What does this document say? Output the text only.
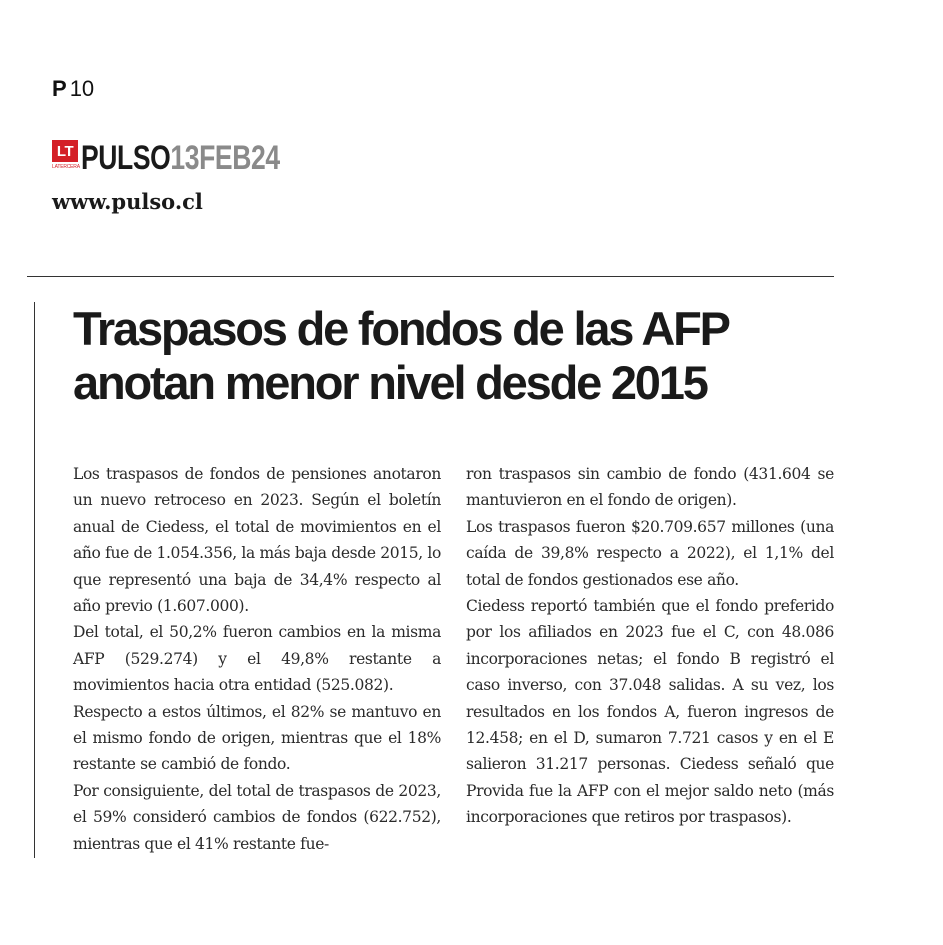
P 10
LT
LATERCERA PULSO 13FEB24
www.pulso.cl
Traspasos de fondos de las AFP anotan menor nivel desde 2015

Los traspasos de fondos de pensiones anotaron un nuevo retroceso en 2023. Según el boletín anual de Ciedess, el total de movimientos en el año fue de 1.054.356, la más baja desde 2015, lo que representó una baja de 34,4% respecto al año previo (1.607.000).

Del total, el 50,2% fueron cambios en la misma AFP (529.274) y el 49,8% restante a movimientos hacia otra entidad (525.082).

Respecto a estos últimos, el 82% se mantuvo en el mismo fondo de origen, mientras que el 18% restante se cambió de fondo.

Por consiguiente, del total de traspasos de 2023, el 59% consideró cambios de fondos (622.752), mientras que el 41% restante fue-

ron traspasos sin cambio de fondo (431.604 se mantuvieron en el fondo de origen).

Los traspasos fueron $20.709.657 millones (una caída de 39,8% respecto a 2022), el 1,1% del total de fondos gestionados ese año.

Ciedess reportó también que el fondo preferido por los afiliados en 2023 fue el C, con 48.086 incorporaciones netas; el fondo B registró el caso inverso, con 37.048 salidas. A su vez, los resultados en los fondos A, fueron ingresos de 12.458; en el D, sumaron 7.721 casos y en el E salieron 31.217 personas. Ciedess señaló que Provida fue la AFP con el mejor saldo neto (más incorporaciones que retiros por traspasos).
